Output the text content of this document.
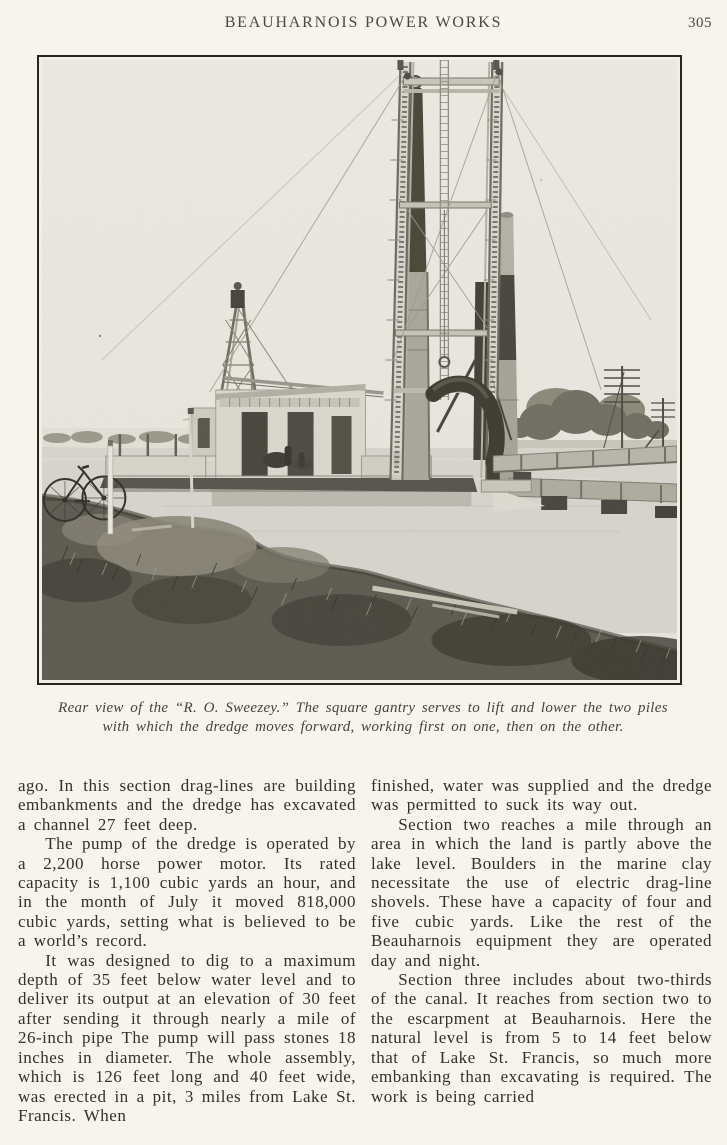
BEAUHARNOIS POWER WORKS	305

Rear view of the “R. O. Sweezey.” The square gantry serves to lift and lower the two piles with which the dredge moves forward, working first on one, then on the other.

ago. In this section drag-lines are building embankments and the dredge has excavated a channel 27 feet deep.

The pump of the dredge is operated by a 2,200 horse power motor. Its rated capacity is 1,100 cubic yards an hour, and in the month of July it moved 818,000 cubic yards, setting what is believed to be a world’s record.

It was designed to dig to a maximum depth of 35 feet below water level and to deliver its output at an elevation of 30 feet after sending it through nearly a mile of 26-inch pipe The pump will pass stones 18 inches in diameter. The whole assembly, which is 126 feet long and 40 feet wide, was erected in a pit, 3 miles from Lake St. Francis. When

finished, water was supplied and the dredge was permitted to suck its way out.

Section two reaches a mile through an area in which the land is partly above the lake level. Boulders in the marine clay necessitate the use of electric drag-line shovels. These have a capacity of four and five cubic yards. Like the rest of the Beauharnois equipment they are operated day and night.

Section three includes about two-thirds of the canal. It reaches from section two to the escarpment at Beauharnois. Here the natural level is from 5 to 14 feet below that of Lake St. Francis, so much more embanking than excavating is required. The work is being carried
